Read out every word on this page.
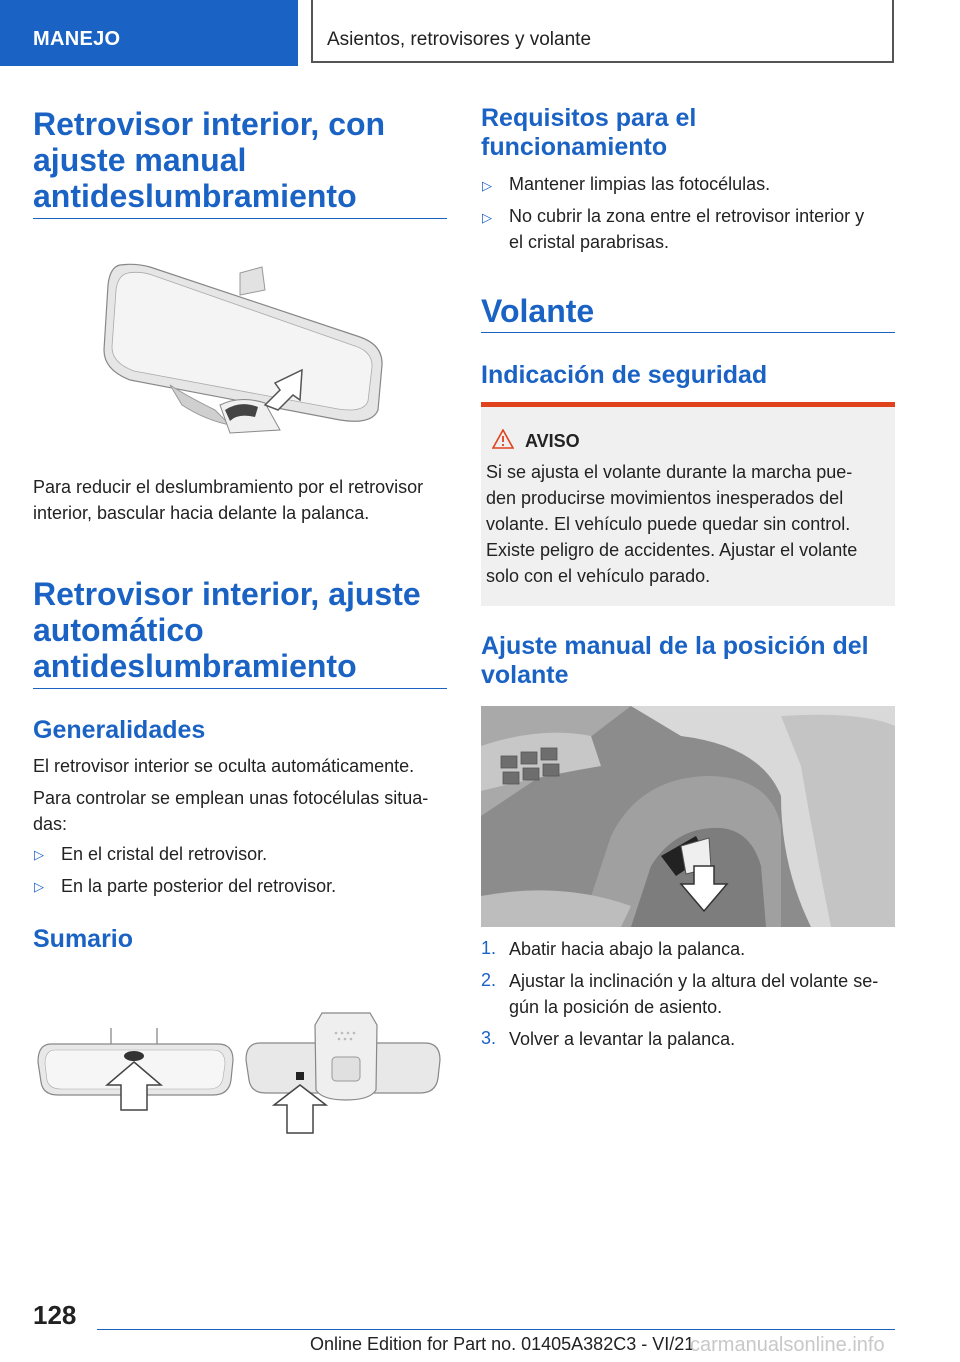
MANEJO	Asientos, retrovisores y volante
Retrovisor interior, con
ajuste manual
antideslumbramiento
Para reducir el deslumbramiento por el retrovisor
interior, bascular hacia delante la palanca.
Retrovisor interior, ajuste
automático
antideslumbramiento
Generalidades
El retrovisor interior se oculta automáticamente.
Para controlar se emplean unas fotocélulas situa‐
das:
▷ En el cristal del retrovisor.
▷ En la parte posterior del retrovisor.
Sumario
Requisitos para el
funcionamiento
▷ Mantener limpias las fotocélulas.
▷ No cubrir la zona entre el retrovisor interior y
el cristal parabrisas.
Volante
Indicación de seguridad
AVISO
Si se ajusta el volante durante la marcha pue‐
den producirse movimientos inesperados del
volante. El vehículo puede quedar sin control.
Existe peligro de accidentes. Ajustar el volante
solo con el vehículo parado.
Ajuste manual de la posición del
volante
1. Abatir hacia abajo la palanca.
2. Ajustar la inclinación y la altura del volante se‐
gún la posición de asiento.
3. Volver a levantar la palanca.
128
Online Edition for Part no. 01405A382C3 - VI/21
carmanualsonline.info
